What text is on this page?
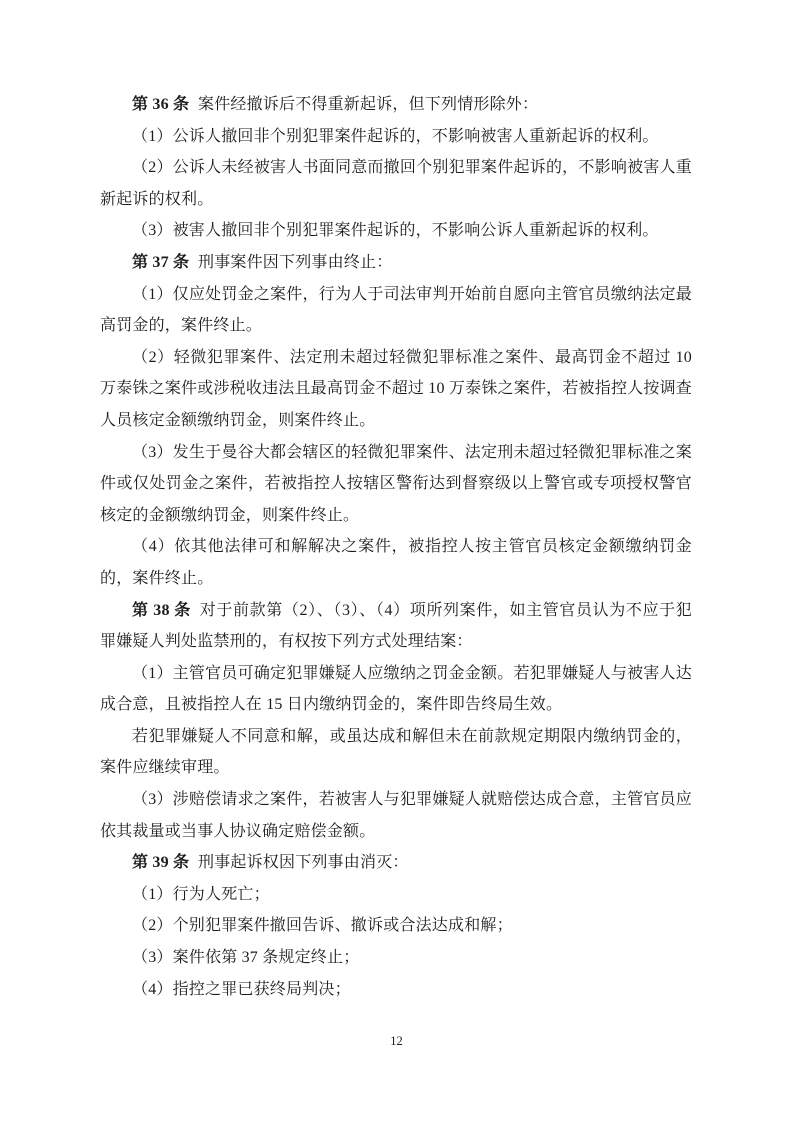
第 36 条 案件经撤诉后不得重新起诉，但下列情形除外：

（1）公诉人撤回非个别犯罪案件起诉的，不影响被害人重新起诉的权利。

（2）公诉人未经被害人书面同意而撤回个别犯罪案件起诉的，不影响被害人重新起诉的权利。

（3）被害人撤回非个别犯罪案件起诉的，不影响公诉人重新起诉的权利。

第 37 条 刑事案件因下列事由终止：

（1）仅应处罚金之案件，行为人于司法审判开始前自愿向主管官员缴纳法定最高罚金的，案件终止。

（2）轻微犯罪案件、法定刑未超过轻微犯罪标准之案件、最高罚金不超过 10 万泰铢之案件或涉税收违法且最高罚金不超过 10 万泰铢之案件，若被指控人按调查人员核定金额缴纳罚金，则案件终止。

（3）发生于曼谷大都会辖区的轻微犯罪案件、法定刑未超过轻微犯罪标准之案件或仅处罚金之案件，若被指控人按辖区警衔达到督察级以上警官或专项授权警官核定的金额缴纳罚金，则案件终止。

（4）依其他法律可和解解决之案件，被指控人按主管官员核定金额缴纳罚金的，案件终止。

第 38 条 对于前款第（2）、（3）、（4）项所列案件，如主管官员认为不应于犯罪嫌疑人判处监禁刑的，有权按下列方式处理结案：

（1）主管官员可确定犯罪嫌疑人应缴纳之罚金金额。若犯罪嫌疑人与被害人达成合意，且被指控人在 15 日内缴纳罚金的，案件即告终局生效。

若犯罪嫌疑人不同意和解，或虽达成和解但未在前款规定期限内缴纳罚金的，案件应继续审理。

（3）涉赔偿请求之案件，若被害人与犯罪嫌疑人就赔偿达成合意，主管官员应依其裁量或当事人协议确定赔偿金额。

第 39 条 刑事起诉权因下列事由消灭：

（1）行为人死亡；

（2）个别犯罪案件撤回告诉、撤诉或合法达成和解；

（3）案件依第 37 条规定终止；

（4）指控之罪已获终局判决；

12
